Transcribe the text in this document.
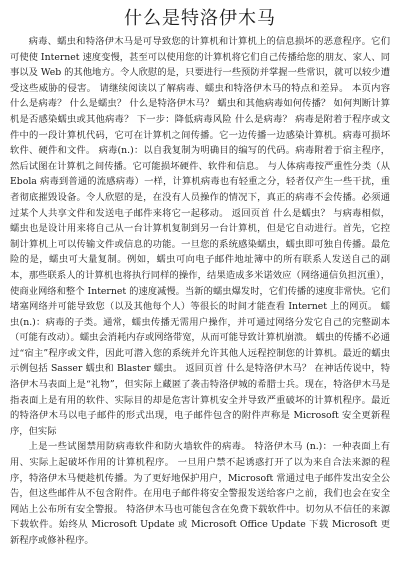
什么是特洛伊木马

病毒、蠕虫和特洛伊木马是可导致您的计算机和计算机上的信息损坏的恶意程序。它们可使使 Internet 速度变慢，甚至可以使用您的计算机将它们自己传播给您的朋友、家人、同事以及 Web 的其他地方。令人欣慰的是，只要进行一些预防并掌握一些常识，就可以较少遭受这些威胁的侵害。 请继续阅读以了解病毒、蠕虫和特洛伊木马的特点和差异。 本页内容 什么是病毒？ 什么是蠕虫？ 什么是特洛伊木马？ 蠕虫和其他病毒如何传播？ 如何判断计算机是否感染蠕虫或其他病毒？ 下一步：降低病毒风险 什么是病毒？ 病毒是附着于程序或文件中的一段计算机代码，它可在计算机之间传播。它一边传播一边感染计算机。病毒可损坏软件、硬件和文件。 病毒(n.)：以自我复制为明确目的编写的代码。病毒附着于宿主程序，然后试图在计算机之间传播。它可能损坏硬件、软件和信息。 与人体病毒按严重性分类（从 Ebola 病毒到普通的流感病毒）一样，计算机病毒也有轻重之分，轻者仅产生一些干扰，重者彻底摧毁设备。令人欣慰的是，在没有人员操作的情况下，真正的病毒不会传播。必须通过某个人共享文件和发送电子邮件来将它一起移动。 返回页首 什么是蠕虫？ 与病毒相似，蠕虫也是设计用来将自己从一台计算机复制到另一台计算机，但是它自动进行。首先，它控制计算机上可以传输文件或信息的功能。一旦您的系统感染蠕虫，蠕虫即可独自传播。最危险的是，蠕虫可大量复制。例如，蠕虫可向电子邮件地址簿中的所有联系人发送自己的副本，那些联系人的计算机也将执行同样的操作，结果造成多米诺效应（网络通信负担沉重），使商业网络和整个 Internet 的速度减慢。当新的蠕虫爆发时，它们传播的速度非常快。它们堵塞网络并可能导致您（以及其他每个人）等很长的时间才能查看 Internet 上的网页。 蠕虫(n.)：病毒的子类。通常，蠕虫传播无需用户操作，并可通过网络分发它自己的完整副本（可能有改动）。蠕虫会消耗内存或网络带宽，从而可能导致计算机崩溃。 蠕虫的传播不必通过“宿主”程序或文件，因此可潜入您的系统并允许其他人远程控制您的计算机。最近的蠕虫示例包括 Sasser 蠕虫和 Blaster 蠕虫。 返回页首 什么是特洛伊木马？ 在神话传说中，特洛伊木马表面上是“礼物”，但实际上藏匿了袭击特洛伊城的希腊士兵。现在，特洛伊木马是指表面上是有用的软件、实际目的却是危害计算机安全并导致严重破坏的计算机程序。最近的特洛伊木马以电子邮件的形式出现，电子邮件包含的附件声称是 Microsoft 安全更新程序，但实际

上是一些试图禁用防病毒软件和防火墙软件的病毒。 特洛伊木马 (n.)：一种表面上有用、实际上起破坏作用的计算机程序。 一旦用户禁不起诱惑打开了以为来自合法来源的程序，特洛伊木马便趁机传播。为了更好地保护用户，Microsoft 常通过电子邮件发出安全公告，但这些邮件从不包含附件。在用电子邮件将安全警报发送给客户之前，我们也会在安全网站上公布所有安全警报。 特洛伊木马也可能包含在免费下载软件中。切勿从不信任的来源下载软件。始终从 Microsoft Update 或 Microsoft Office Update 下载 Microsoft 更新程序或修补程序。
